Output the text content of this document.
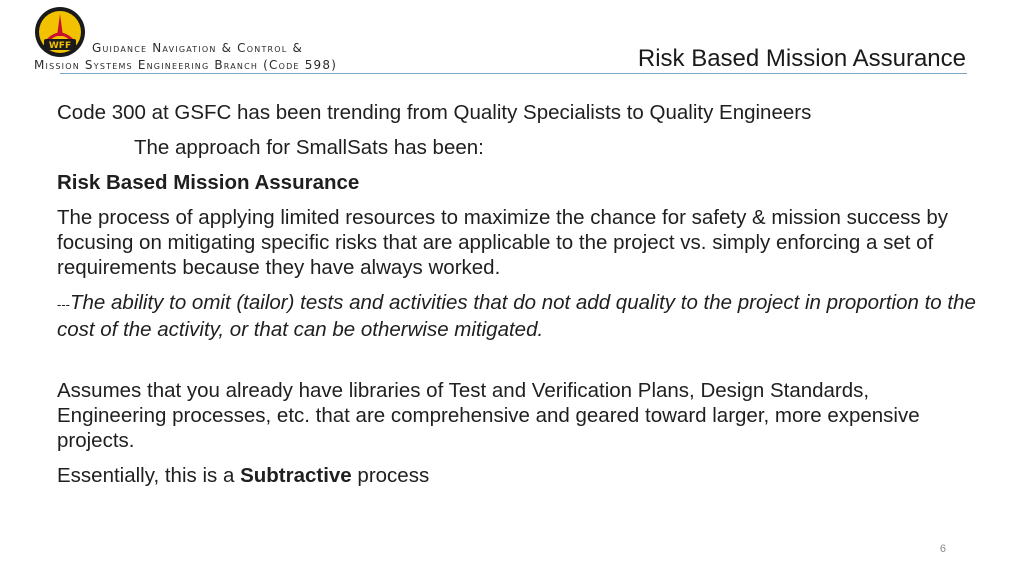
WFF	Guidance Navigation & Control &
Mission Systems Engineering Branch (Code 598)	Risk Based Mission Assurance

Code 300 at GSFC has been trending from Quality Specialists to Quality Engineers

The approach for SmallSats has been:

Risk Based Mission Assurance

The process of applying limited resources to maximize the chance for safety & mission success by focusing on mitigating specific risks that are applicable to the project vs. simply enforcing a set of requirements because they have always worked.

---The ability to omit (tailor) tests and activities that do not add quality to the project in proportion to the cost of the activity, or that can be otherwise mitigated.

Assumes that you already have libraries of Test and Verification Plans, Design Standards, Engineering processes, etc. that are comprehensive and geared toward larger, more expensive projects.

Essentially, this is a Subtractive process

6
